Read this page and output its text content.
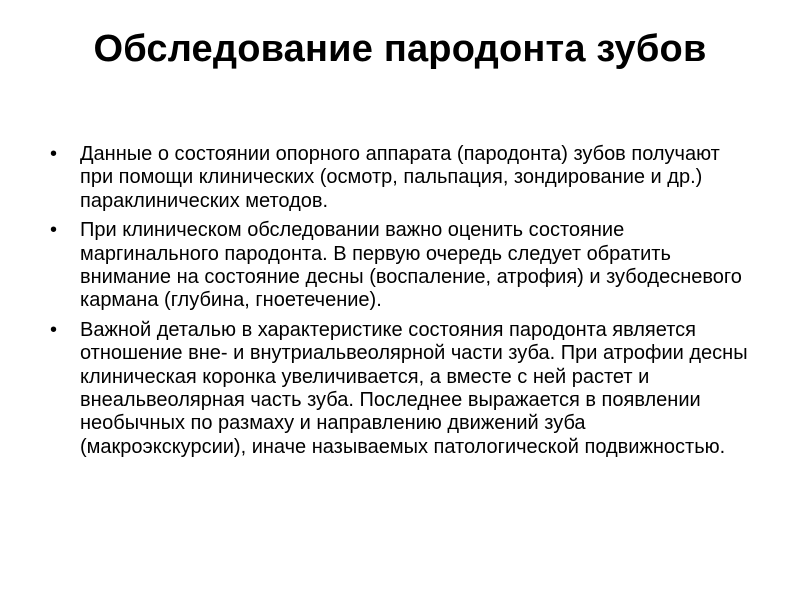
Обследование пародонта зубов
•	Данные о состоянии опорного аппарата (пародонта) зубов получают при помощи клинических (осмотр, пальпация, зондирование и др.) параклинических методов.
•	При клиническом обследовании важно оценить состояние маргинального пародонта. В первую очередь следует обратить внимание на состояние десны (воспаление, атрофия) и зубодесневого кармана (глубина, гноетечение).
•	Важной деталью в характеристике состояния пародонта является отношение вне- и внутриальвеолярной части зуба. При атрофии десны клиническая коронка увеличивается, а вместе с ней растет и внеальвеолярная часть зуба. Последнее выражается в появлении необычных по размаху и направлению движений зуба (макроэкскурсии), иначе называемых патологической подвижностью.
